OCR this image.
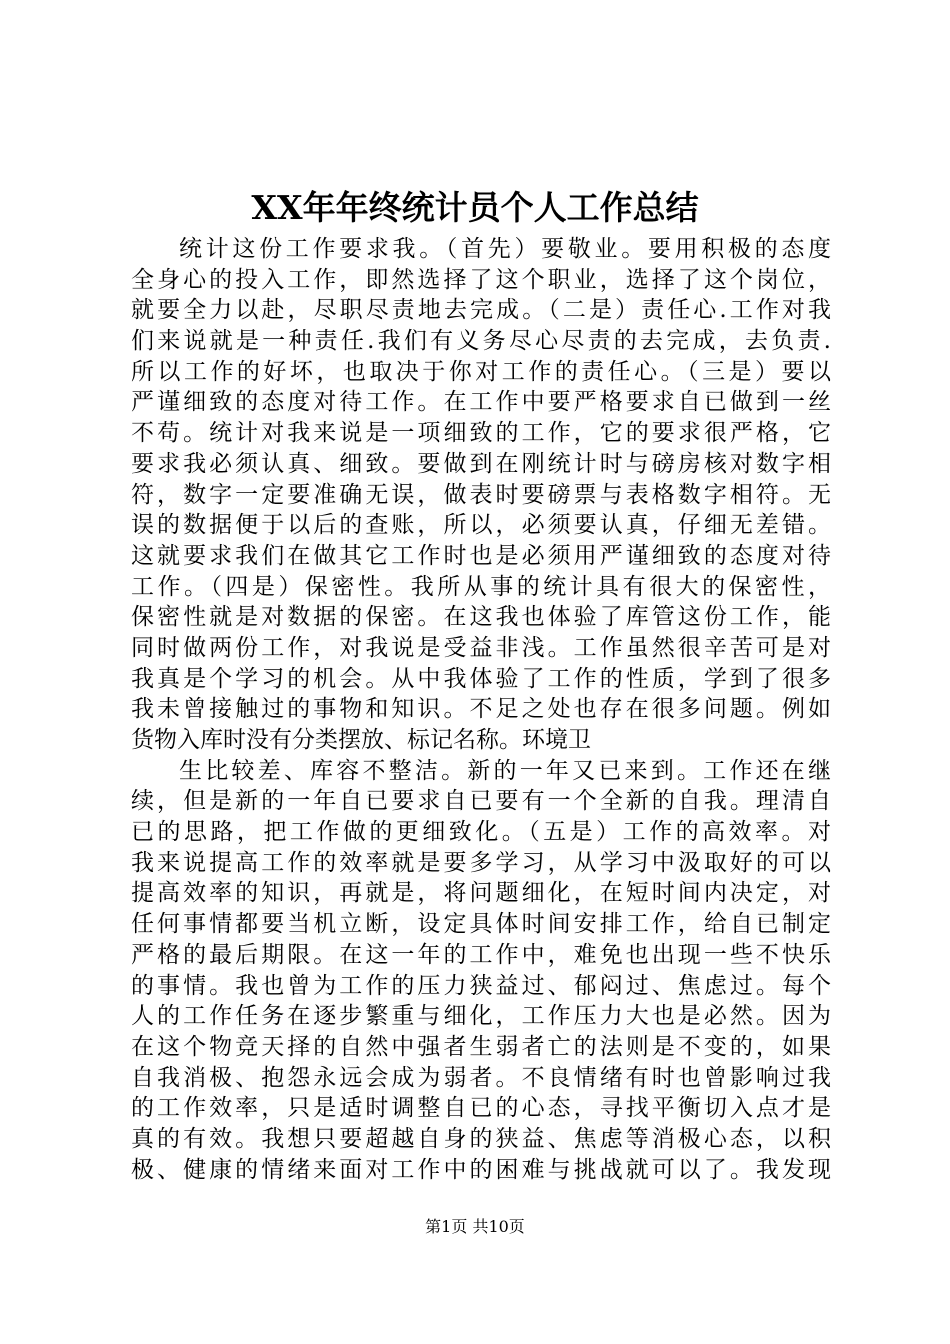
XX年年终统计员个人工作总结
统计这份工作要求我。（首先）要敬业。要用积极的态度
全身心的投入工作，即然选择了这个职业，选择了这个岗位，
就要全力以赴，尽职尽责地去完成。（二是）责任心.工作对我
们来说就是一种责任.我们有义务尽心尽责的去完成，去负责.
所以工作的好坏，也取决于你对工作的责任心。（三是）要以
严谨细致的态度对待工作。在工作中要严格要求自已做到一丝
不苟。统计对我来说是一项细致的工作，它的要求很严格，它
要求我必须认真、细致。要做到在刚统计时与磅房核对数字相
符，数字一定要准确无误，做表时要磅票与表格数字相符。无
误的数据便于以后的查账，所以，必须要认真，仔细无差错。
这就要求我们在做其它工作时也是必须用严谨细致的态度对待
工作。（四是）保密性。我所从事的统计具有很大的保密性，
保密性就是对数据的保密。在这我也体验了库管这份工作，能
同时做两份工作，对我说是受益非浅。工作虽然很辛苦可是对
我真是个学习的机会。从中我体验了工作的性质，学到了很多
我未曾接触过的事物和知识。不足之处也存在很多问题。例如
货物入库时没有分类摆放、标记名称。环境卫
生比较差、库容不整洁。新的一年又已来到。工作还在继
续，但是新的一年自已要求自已要有一个全新的自我。理清自
已的思路，把工作做的更细致化。（五是）工作的高效率。对
我来说提高工作的效率就是要多学习，从学习中汲取好的可以
提高效率的知识，再就是，将问题细化，在短时间内决定，对
任何事情都要当机立断，设定具体时间安排工作，给自已制定
严格的最后期限。在这一年的工作中，难免也出现一些不快乐
的事情。我也曾为工作的压力狭益过、郁闷过、焦虑过。每个
人的工作任务在逐步繁重与细化，工作压力大也是必然。因为
在这个物竞天择的自然中强者生弱者亡的法则是不变的，如果
自我消极、抱怨永远会成为弱者。不良情绪有时也曾影响过我
的工作效率，只是适时调整自已的心态，寻找平衡切入点才是
真的有效。我想只要超越自身的狭益、焦虑等消极心态，以积
极、健康的情绪来面对工作中的困难与挑战就可以了。我发现
第1页 共10页
